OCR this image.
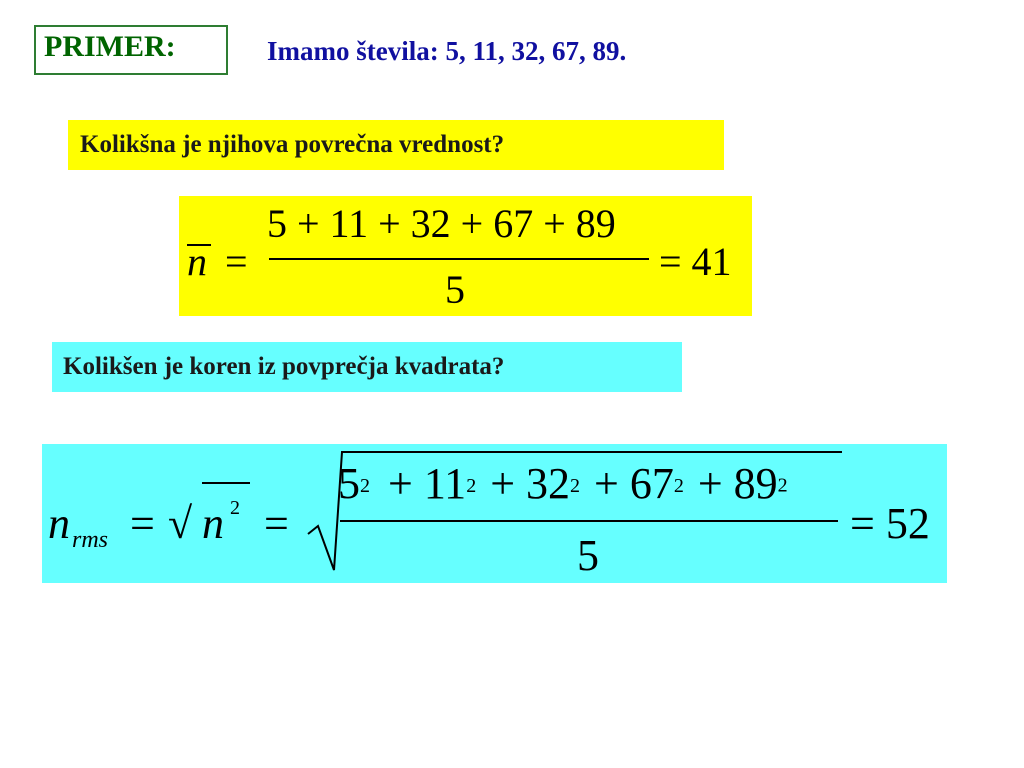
PRIMER:	Imamo števila: 5, 11, 32, 67, 89.
Kolikšna je njihova povrečna vrednost?
n =
5 + 11 + 32 + 67 + 89
5
= 41
Kolikšen je koren iz povprečja kvadrata?
n rms = √ n 2 =
$5^2 + 11^2 + 32^2 + 67^2 + 89^2$
5
= 52
